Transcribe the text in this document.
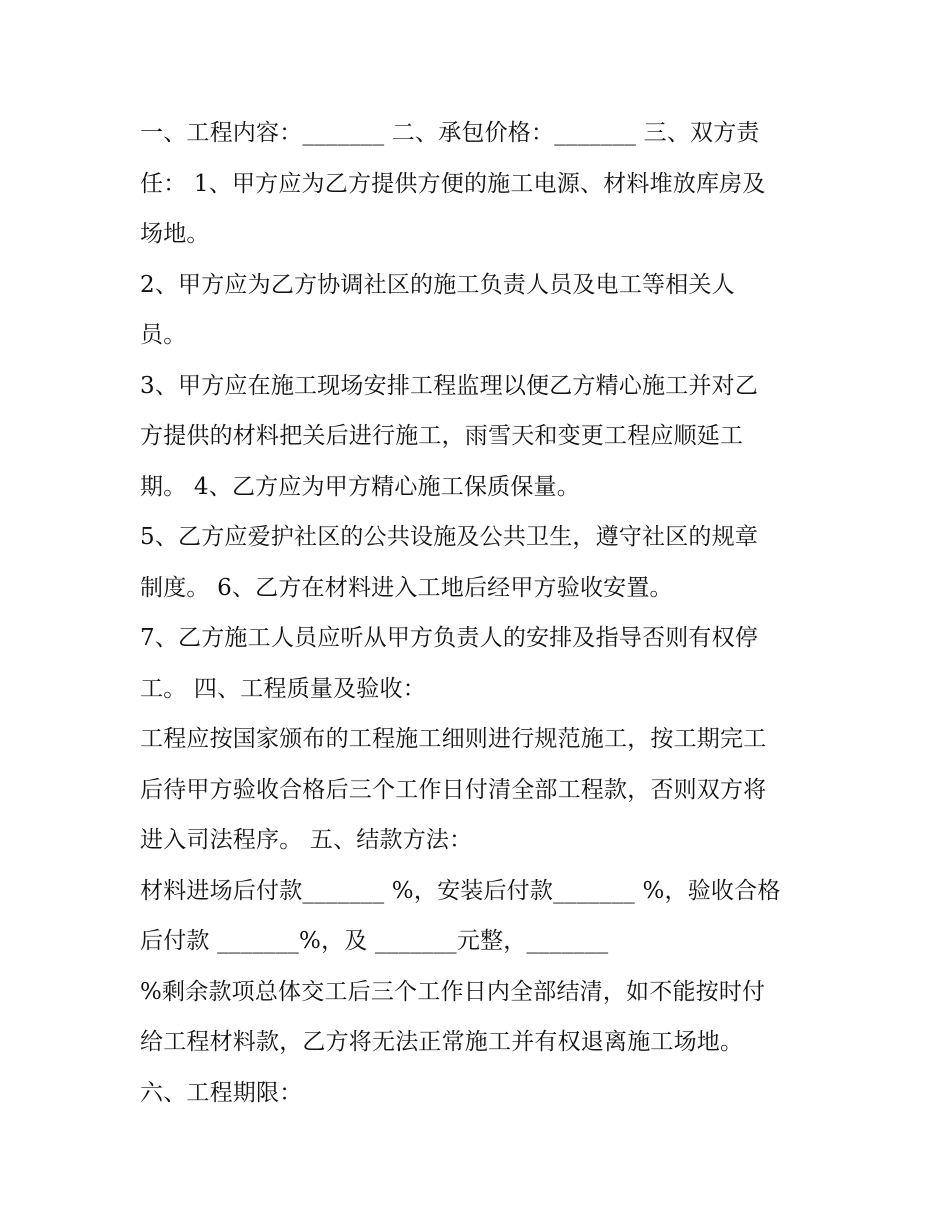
一、工程内容：_______ 二、承包价格：_______ 三、双方责
任： 1、甲方应为乙方提供方便的施工电源、材料堆放库房及
场地。
2、甲方应为乙方协调社区的施工负责人员及电工等相关人
员。
3、甲方应在施工现场安排工程监理以便乙方精心施工并对乙
方提供的材料把关后进行施工，雨雪天和变更工程应顺延工
期。 4、乙方应为甲方精心施工保质保量。
5、乙方应爱护社区的公共设施及公共卫生，遵守社区的规章
制度。 6、乙方在材料进入工地后经甲方验收安置。
7、乙方施工人员应听从甲方负责人的安排及指导否则有权停
工。 四、工程质量及验收：
工程应按国家颁布的工程施工细则进行规范施工，按工期完工
后待甲方验收合格后三个工作日付清全部工程款，否则双方将
进入司法程序。 五、结款方法：
材料进场后付款_______ %，安装后付款_______ %，验收合格
后付款 _______%，及 _______元整，_______
%剩余款项总体交工后三个工作日内全部结清，如不能按时付
给工程材料款，乙方将无法正常施工并有权退离施工场地。
六、工程期限：
